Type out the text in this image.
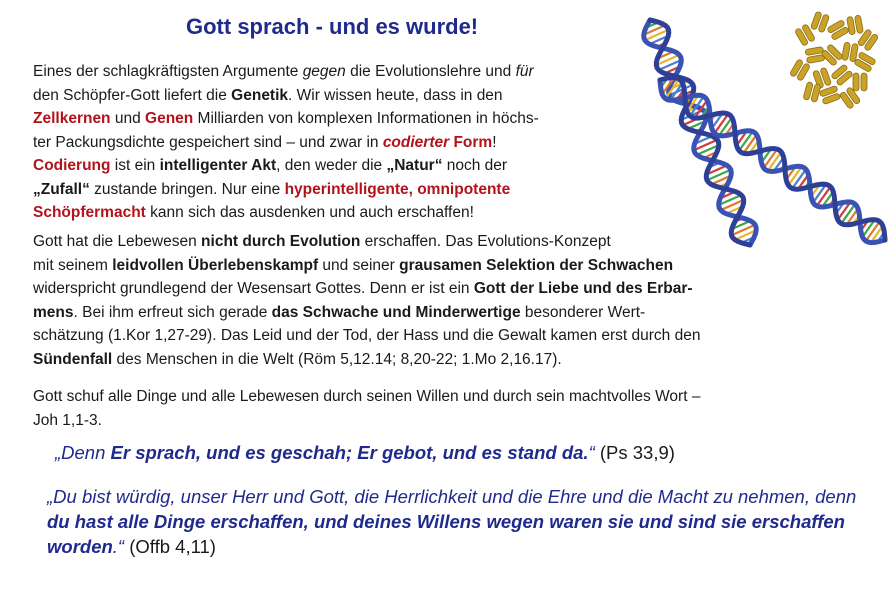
Gott sprach - und es wurde!
Eines der schlagkräftigsten Argumente gegen die Evolutionslehre und für
den Schöpfer-Gott liefert die Genetik. Wir wissen heute, dass in den
Zellkernen und Genen Milliarden von komplexen Informationen in höchs-
ter Packungsdichte gespeichert sind – und zwar in codierter Form!
Codierung ist ein intelligenter Akt, den weder die „Natur“ noch der
„Zufall“ zustande bringen. Nur eine hyperintelligente, omnipotente
Schöpfermacht kann sich das ausdenken und auch erschaffen!
Gott hat die Lebewesen nicht durch Evolution erschaffen. Das Evolutions-Konzept
mit seinem leidvollen Überlebenskampf und seiner grausamen Selektion der Schwachen
widerspricht grundlegend der Wesensart Gottes. Denn er ist ein Gott der Liebe und des Erbar-
mens. Bei ihm erfreut sich gerade das Schwache und Minderwertige besonderer Wert-
schätzung (1.Kor 1,27-29). Das Leid und der Tod, der Hass und die Gewalt kamen erst durch den
Sündenfall des Menschen in die Welt (Röm 5,12.14; 8,20-22; 1.Mo 2,16.17).
Gott schuf alle Dinge und alle Lebewesen durch seinen Willen und durch sein machtvolles Wort –
Joh 1,1-3.
„Denn Er sprach, und es geschah; Er gebot, und es stand da.“ (Ps 33,9)
„Du bist würdig, unser Herr und Gott, die Herrlichkeit und die Ehre und die Macht zu nehmen, denn du hast alle Dinge erschaffen, und deines Willens wegen waren sie und sind sie erschaffen worden.“ (Offb 4,11)
